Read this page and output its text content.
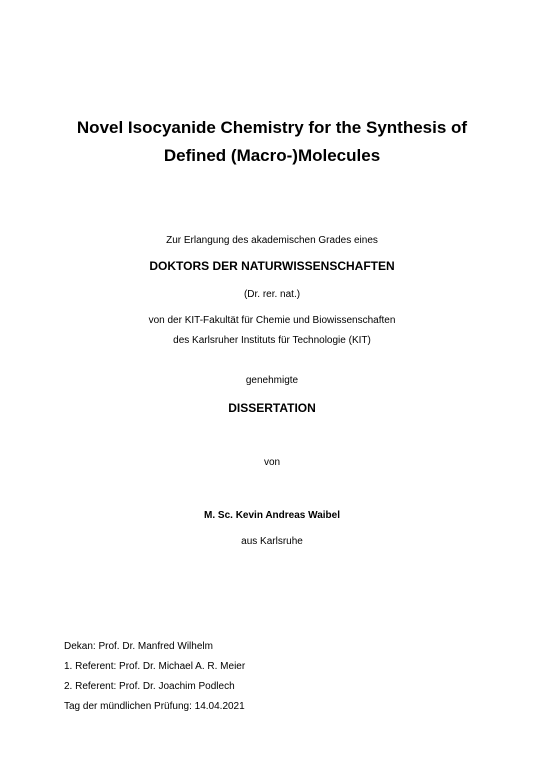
Novel Isocyanide Chemistry for the Synthesis of
Defined (Macro-)Molecules
Zur Erlangung des akademischen Grades eines
DOKTORS DER NATURWISSENSCHAFTEN
(Dr. rer. nat.)
von der KIT-Fakultät für Chemie und Biowissenschaften
des Karlsruher Instituts für Technologie (KIT)
genehmigte
DISSERTATION
von
M. Sc. Kevin Andreas Waibel
aus Karlsruhe
Dekan: Prof. Dr. Manfred Wilhelm
1. Referent: Prof. Dr. Michael A. R. Meier
2. Referent: Prof. Dr. Joachim Podlech
Tag der mündlichen Prüfung: 14.04.2021
